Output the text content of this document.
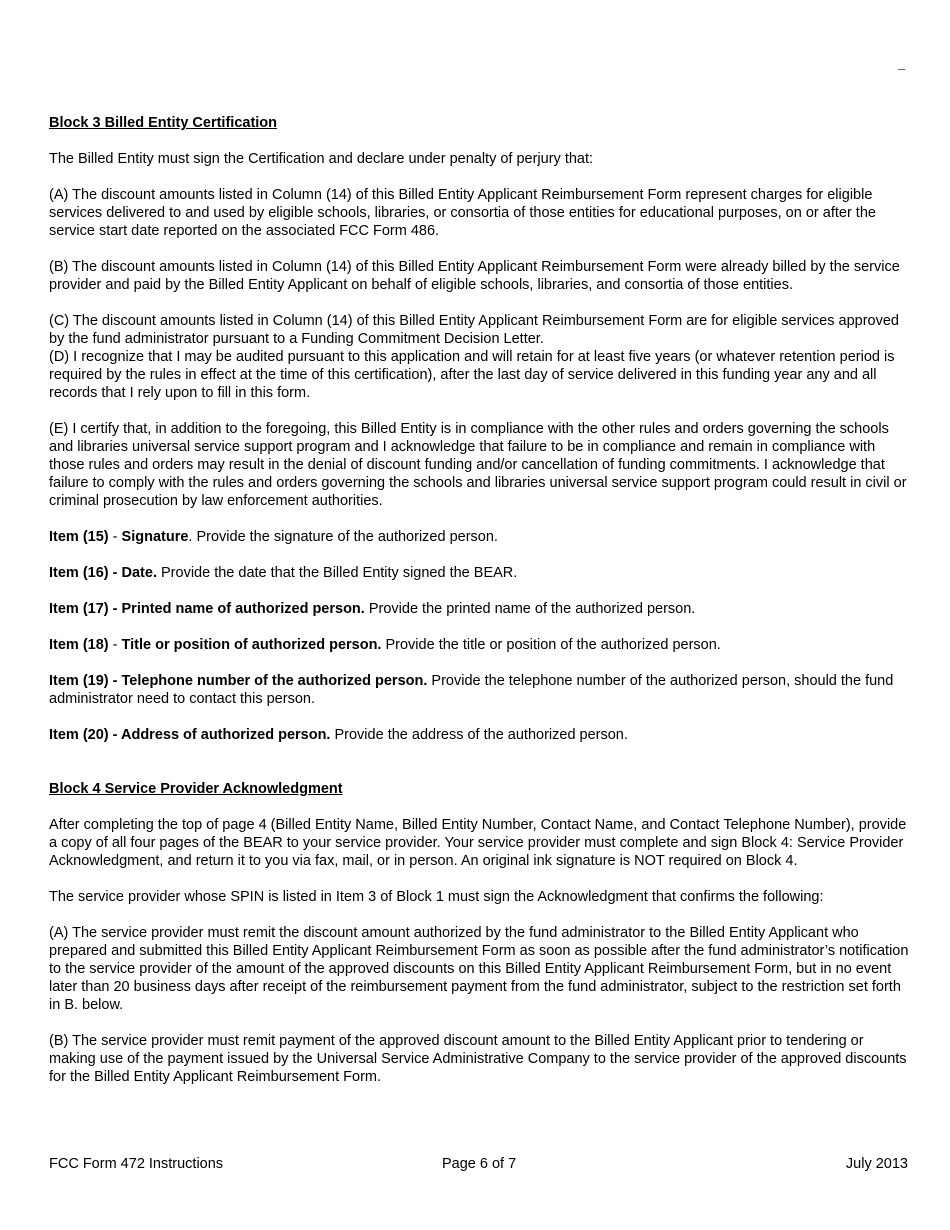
–

Block 3 Billed Entity Certification

The Billed Entity must sign the Certification and declare under penalty of perjury that:

(A) The discount amounts listed in Column (14) of this Billed Entity Applicant Reimbursement Form represent charges for eligible services delivered to and used by eligible schools, libraries, or consortia of those entities for educational purposes, on or after the service start date reported on the associated FCC Form 486.

(B) The discount amounts listed in Column (14) of this Billed Entity Applicant Reimbursement Form were already billed by the service provider and paid by the Billed Entity Applicant on behalf of eligible schools, libraries, and consortia of those entities.

(C) The discount amounts listed in Column (14) of this Billed Entity Applicant Reimbursement Form are for eligible services approved by the fund administrator pursuant to a Funding Commitment Decision Letter.

(D) I recognize that I may be audited pursuant to this application and will retain for at least five years (or whatever retention period is required by the rules in effect at the time of this certification), after the last day of service delivered in this funding year any and all records that I rely upon to fill in this form.

(E) I certify that, in addition to the foregoing, this Billed Entity is in compliance with the other rules and orders governing the schools and libraries universal service support program and I acknowledge that failure to be in compliance and remain in compliance with those rules and orders may result in the denial of discount funding and/or cancellation of funding commitments. I acknowledge that failure to comply with the rules and orders governing the schools and libraries universal service support program could result in civil or criminal prosecution by law enforcement authorities.

Item (15) - Signature. Provide the signature of the authorized person.

Item (16) - Date. Provide the date that the Billed Entity signed the BEAR.

Item (17) - Printed name of authorized person. Provide the printed name of the authorized person.

Item (18) - Title or position of authorized person. Provide the title or position of the authorized person.

Item (19) - Telephone number of the authorized person. Provide the telephone number of the authorized person, should the fund administrator need to contact this person.

Item (20) - Address of authorized person. Provide the address of the authorized person.

Block 4 Service Provider Acknowledgment

After completing the top of page 4 (Billed Entity Name, Billed Entity Number, Contact Name, and Contact Telephone Number), provide a copy of all four pages of the BEAR to your service provider. Your service provider must complete and sign Block 4: Service Provider Acknowledgment, and return it to you via fax, mail, or in person. An original ink signature is NOT required on Block 4.

The service provider whose SPIN is listed in Item 3 of Block 1 must sign the Acknowledgment that confirms the following:

(A) The service provider must remit the discount amount authorized by the fund administrator to the Billed Entity Applicant who prepared and submitted this Billed Entity Applicant Reimbursement Form as soon as possible after the fund administrator’s notification to the service provider of the amount of the approved discounts on this Billed Entity Applicant Reimbursement Form, but in no event later than 20 business days after receipt of the reimbursement payment from the fund administrator, subject to the restriction set forth in B. below.

(B) The service provider must remit payment of the approved discount amount to the Billed Entity Applicant prior to tendering or making use of the payment issued by the Universal Service Administrative Company to the service provider of the approved discounts for the Billed Entity Applicant Reimbursement Form.

FCC Form 472 Instructions	Page 6 of 7	July 2013
